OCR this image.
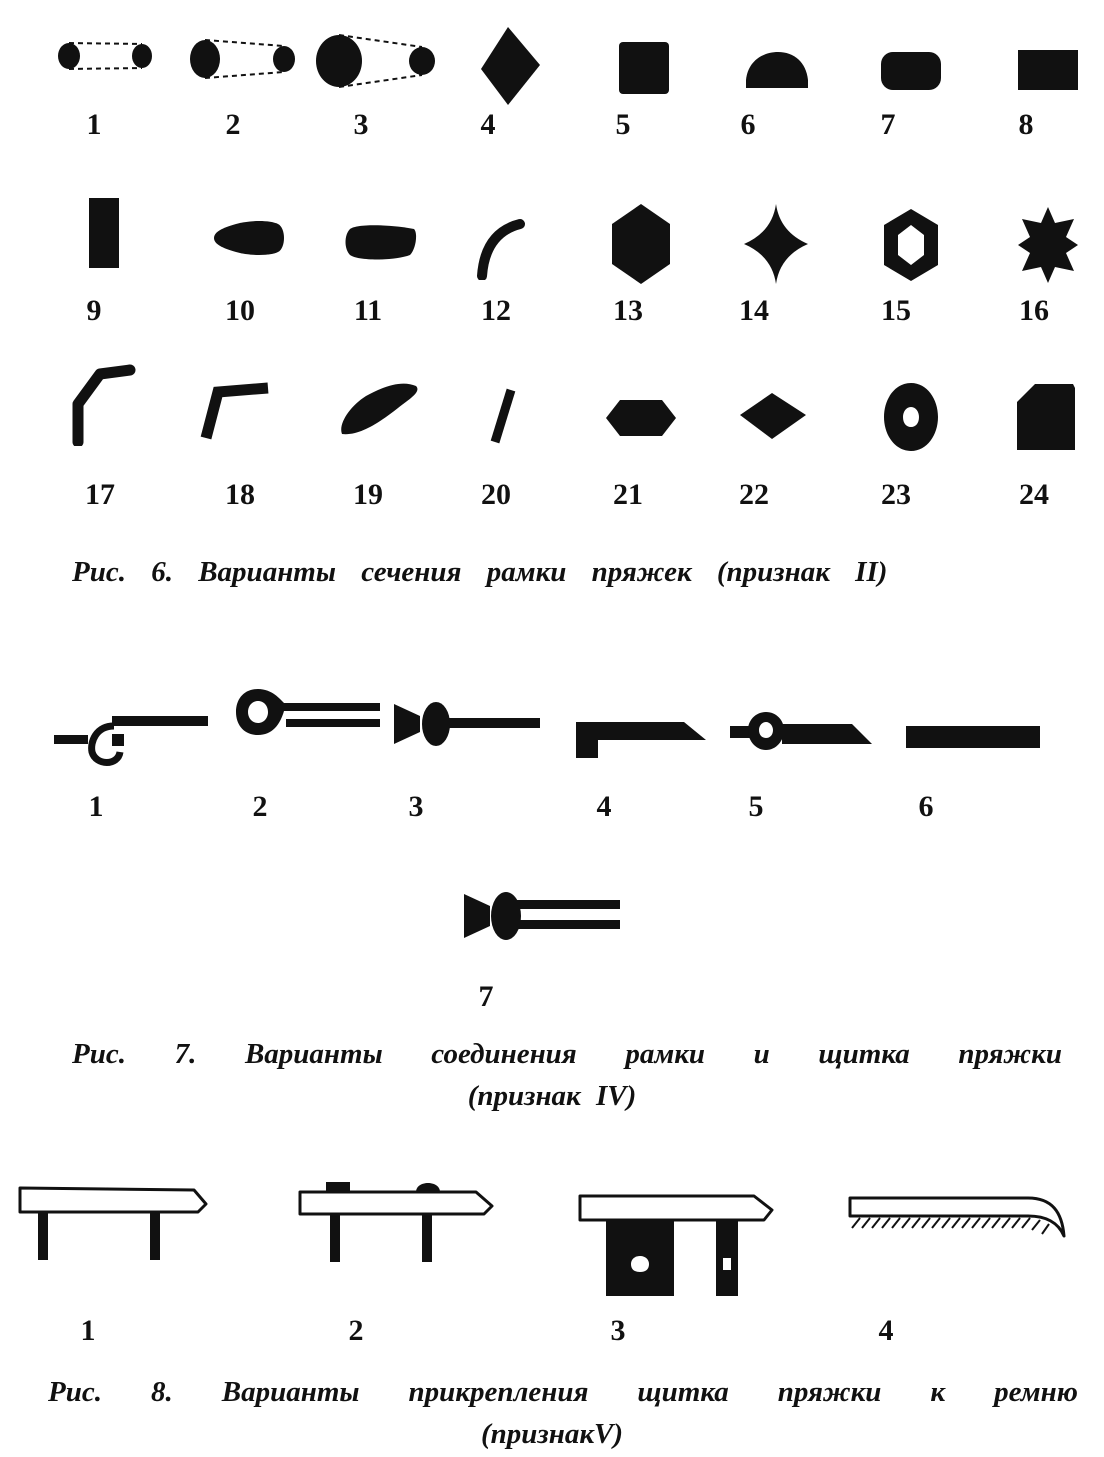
1	2	3	4	5	6	7	8
9	10	11	12	13	14	15	16
17	18	19	20	21	22	23	24
Рис. 6. Варианты сечения рамки пряжек (признак II)
1	2	3	4	5	6
7
Рис. 7. Варианты соединения рамки и щитка пряжки
(признак IV)
1	2	3	4
Рис. 8. Варианты прикрепления щитка пряжки к ремню
(признакV)
